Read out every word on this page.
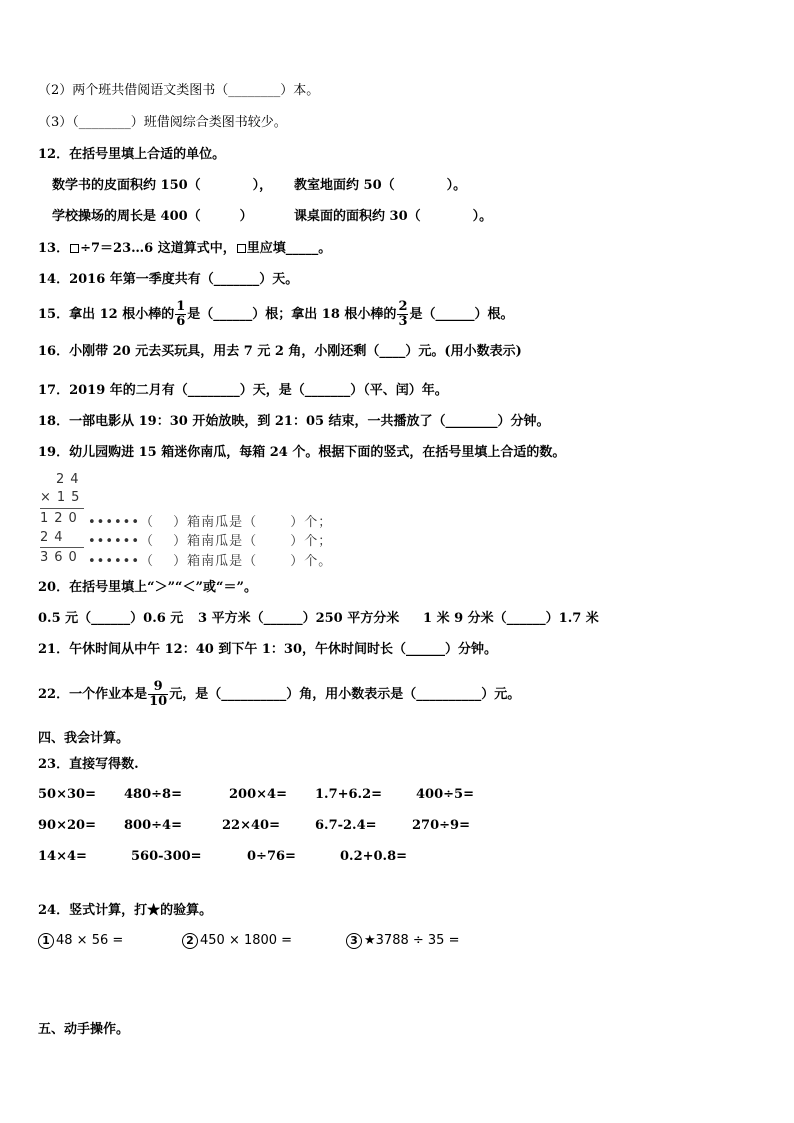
（2）两个班共借阅语文类图书（________）本。
（3）（________）班借阅综合类图书较少。
12．在括号里填上合适的单位。
数学书的皮面积约 150（　　　　）， 教室地面约 50（　　　　）。
学校操场的周长是 400（　　　）	课桌面的面积约 30（　　　　）。
13． ÷7＝23…6 这道算式中， 里应填_____。
14．2016 年第一季度共有（_______）天。
15．拿出 12 根小棒的 $\frac{1}{6}$ 是（______）根；拿出 18 根小棒的 $\frac{2}{3}$ 是（______）根。
16．小刚带 20 元去买玩具，用去 7 元 2 角，小刚还剩（____）元。(用小数表示)
17．2019 年的二月有（________）天，是（_______）（平、闰）年。
18．一部电影从 19：30 开始放映，到 21：05 结束，一共播放了（________）分钟。
19．幼儿园购进 15 箱迷你南瓜，每箱 24 个。根据下面的竖式，在括号里填上合适的数。
24
×15
120 ••••••（　 ）箱南瓜是（　　 ）个；
24 ••••••（　 ）箱南瓜是（　　 ）个；
360 ••••••（　 ）箱南瓜是（　　 ）个。
20．在括号里填上“＞”“＜”或“＝”。
0.5 元（______）0.6 元 3 平方米（______）250 平方分米 1 米 9 分米（______）1.7 米
21．午休时间从中午 12：40 到下午 1：30，午休时间时长（______）分钟。
22．一个作业本是 $\frac{9}{10}$ 元，是（__________）角，用小数表示是（__________）元。
四、我会计算。
23．直接写得数.
50×30= 480÷8=	200×4= 1.7+6.2=	400÷5=
90×20= 800÷4=	22×40=	6.7-2.4=	270÷9=
14×4=	560-300=	0÷76=	0.2+0.8=
24．竖式计算，打★的验算。
1 48 × 56 =	2 450 × 1800 =	3 ★3788 ÷ 35 =
五、动手操作。
